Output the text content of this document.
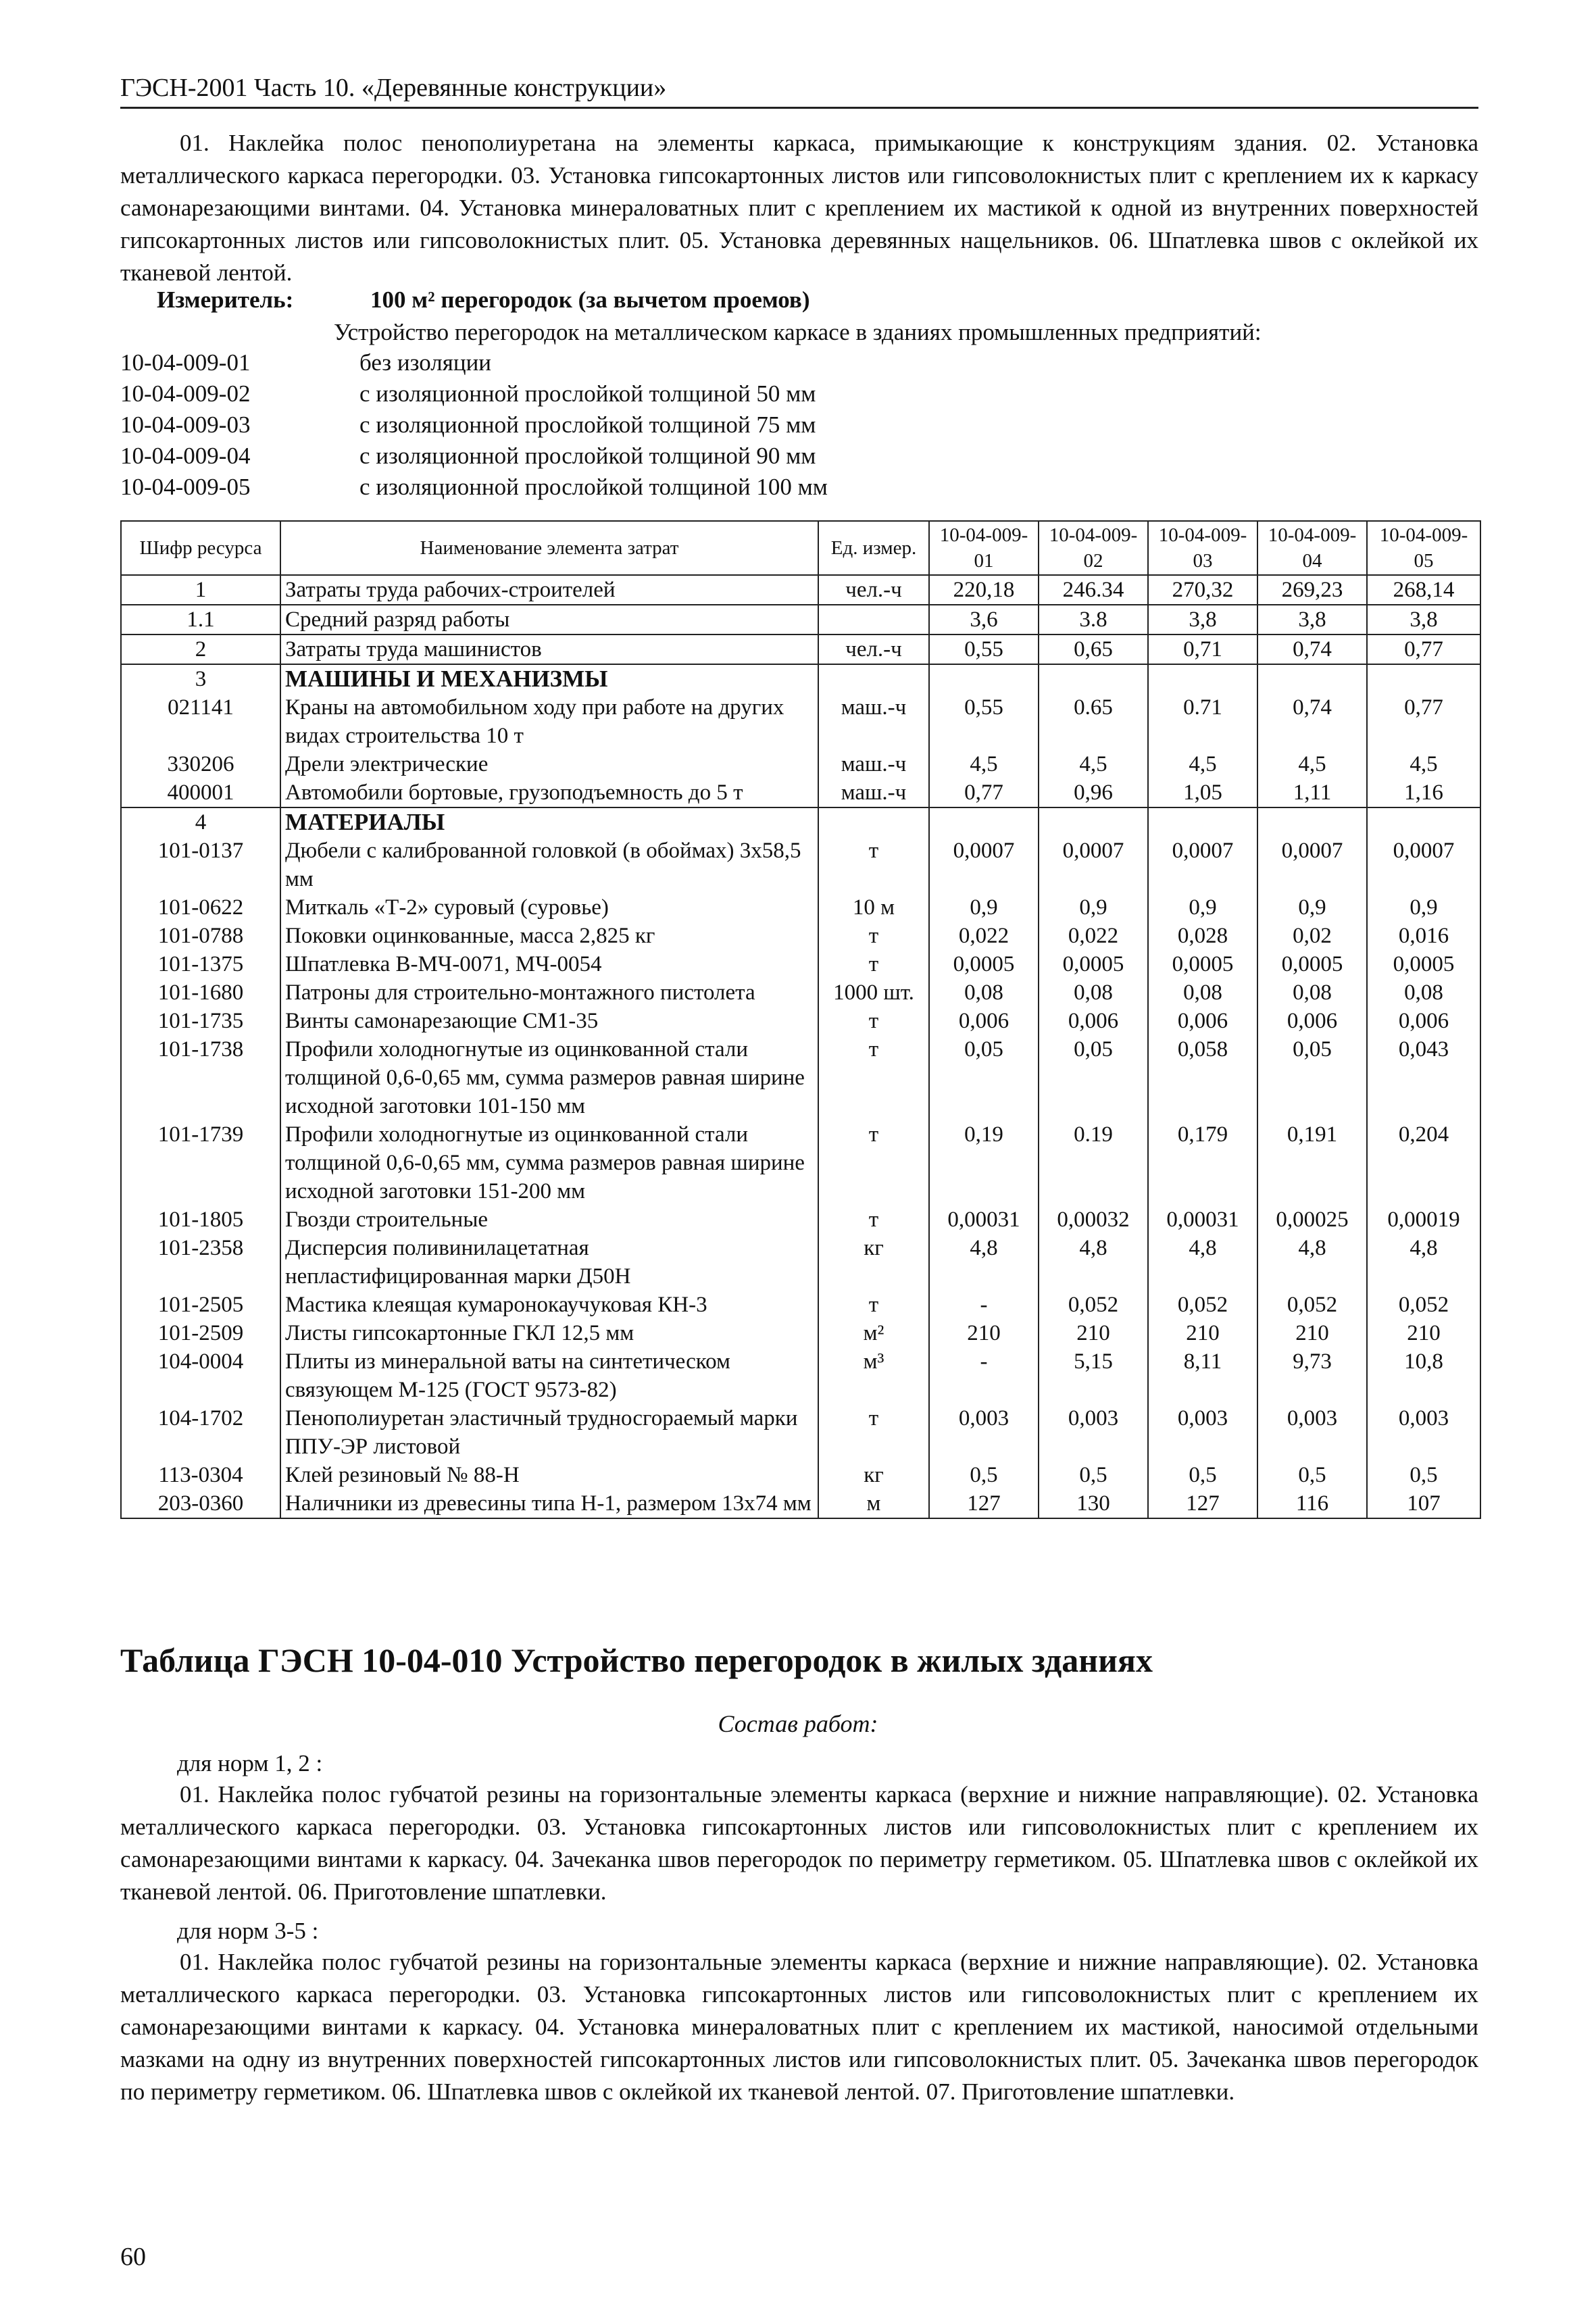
ГЭСН-2001 Часть 10. «Деревянные конструкции»
01. Наклейка полос пенополиуретана на элементы каркаса, примыкающие к конструкциям здания. 02. Установка металлического каркаса перегородки. 03. Установка гипсокартонных листов или гипсоволокнистых плит с креплением их к каркасу самонарезающими винтами. 04. Установка минераловатных плит с креплением их мастикой к одной из внутренних поверхностей гипсокартонных листов или гипсоволокнистых плит. 05. Установка деревянных нащельников. 06. Шпатлевка швов с оклейкой их тканевой лентой.
Измеритель:	100 м² перегородок (за вычетом проемов)
Устройство перегородок на металлическом каркасе в зданиях промышленных предприятий:
10-04-009-01	без изоляции
10-04-009-02	с изоляционной прослойкой толщиной 50 мм
10-04-009-03	с изоляционной прослойкой толщиной 75 мм
10-04-009-04	с изоляционной прослойкой толщиной 90 мм
10-04-009-05	с изоляционной прослойкой толщиной 100 мм
Шифр ресурса	Наименование элемента затрат	Ед. измер.	10-04-009-01	10-04-009-02	10-04-009-03	10-04-009-04	10-04-009-05
1	Затраты труда рабочих-строителей	чел.-ч	220,18	246.34	270,32	269,23	268,14
1.1	Средний разряд работы		3,6	3.8	3,8	3,8	3,8
2	Затраты труда машинистов	чел.-ч	0,55	0,65	0,71	0,74	0,77
3	МАШИНЫ И МЕХАНИЗМЫ						
021141	Краны на автомобильном ходу при работе на других видах строительства 10 т	маш.-ч	0,55	0.65	0.71	0,74	0,77
330206	Дрели электрические	маш.-ч	4,5	4,5	4,5	4,5	4,5
400001	Автомобили бортовые, грузоподъемность до 5 т	маш.-ч	0,77	0,96	1,05	1,11	1,16
4	МАТЕРИАЛЫ						
101-0137	Дюбели с калиброванной головкой (в обоймах) 3x58,5 мм	т	0,0007	0,0007	0,0007	0,0007	0,0007
101-0622	Миткаль «Т-2» суровый (суровье)	10 м	0,9	0,9	0,9	0,9	0,9
101-0788	Поковки оцинкованные, масса 2,825 кг	т	0,022	0,022	0,028	0,02	0,016
101-1375	Шпатлевка В-МЧ-0071, МЧ-0054	т	0,0005	0,0005	0,0005	0,0005	0,0005
101-1680	Патроны для строительно-монтажного пистолета	1000 шт.	0,08	0,08	0,08	0,08	0,08
101-1735	Винты самонарезающие СМ1-35	т	0,006	0,006	0,006	0,006	0,006
101-1738	Профили холодногнутые из оцинкованной стали толщиной 0,6-0,65 мм, сумма размеров равная ширине исходной заготовки 101-150 мм	т	0,05	0,05	0,058	0,05	0,043
101-1739	Профили холодногнутые из оцинкованной стали толщиной 0,6-0,65 мм, сумма размеров равная ширине исходной заготовки 151-200 мм	т	0,19	0.19	0,179	0,191	0,204
101-1805	Гвозди строительные	т	0,00031	0,00032	0,00031	0,00025	0,00019
101-2358	Дисперсия поливинилацетатная непластифицированная марки Д50Н	кг	4,8	4,8	4,8	4,8	4,8
101-2505	Мастика клеящая кумаронокаучуковая КН-3	т	-	0,052	0,052	0,052	0,052
101-2509	Листы гипсокартонные ГКЛ 12,5 мм	м²	210	210	210	210	210
104-0004	Плиты из минеральной ваты на синтетическом связующем М-125 (ГОСТ 9573-82)	м³	-	5,15	8,11	9,73	10,8
104-1702	Пенополиуретан эластичный трудносгораемый марки ППУ-ЭР листовой	т	0,003	0,003	0,003	0,003	0,003
113-0304	Клей резиновый № 88-Н	кг	0,5	0,5	0,5	0,5	0,5
203-0360	Наличники из древесины типа Н-1, размером 13x74 мм	м	127	130	127	116	107
Таблица ГЭСН 10-04-010 Устройство перегородок в жилых зданиях
Состав работ:
для норм 1, 2 :
01. Наклейка полос губчатой резины на горизонтальные элементы каркаса (верхние и нижние направляющие). 02. Установка металлического каркаса перегородки. 03. Установка гипсокартонных листов или гипсоволокнистых плит с креплением их самонарезающими винтами к каркасу. 04. Зачеканка швов перегородок по периметру герметиком. 05. Шпатлевка швов с оклейкой их тканевой лентой. 06. Приготовление шпатлевки.
для норм 3-5 :
01. Наклейка полос губчатой резины на горизонтальные элементы каркаса (верхние и нижние направляющие). 02. Установка металлического каркаса перегородки. 03. Установка гипсокартонных листов или гипсоволокнистых плит с креплением их самонарезающими винтами к каркасу. 04. Установка минераловатных плит с креплением их мастикой, наносимой отдельными мазками на одну из внутренних поверхностей гипсокартонных листов или гипсоволокнистых плит. 05. Зачеканка швов перегородок по периметру герметиком. 06. Шпатлевка швов с оклейкой их тканевой лентой. 07. Приготовление шпатлевки.
60
